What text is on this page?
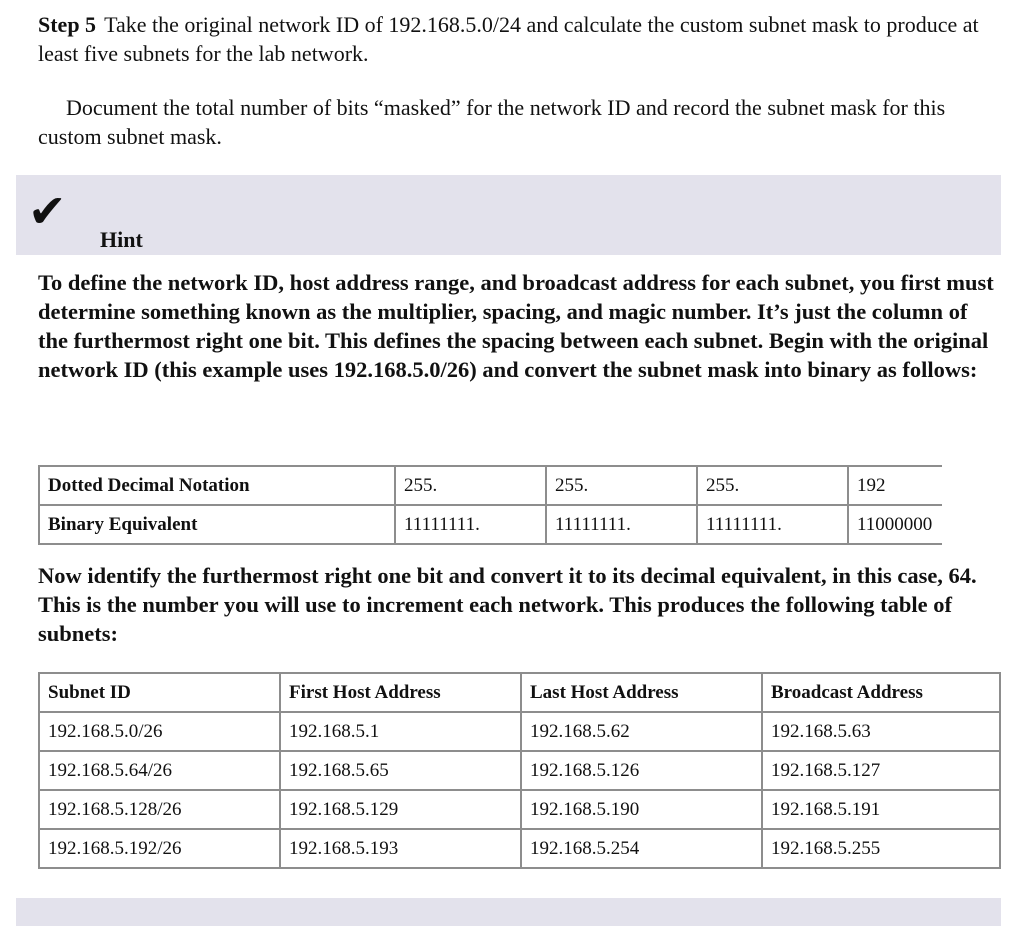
Step 5 Take the original network ID of 192.168.5.0/24 and calculate the custom subnet mask to produce at least five subnets for the lab network.

Document the total number of bits “masked” for the network ID and record the subnet mask for this custom subnet mask.

✔
Hint

To define the network ID, host address range, and broadcast address for each subnet, you first must determine something known as the multiplier, spacing, and magic number. It’s just the column of the furthermost right one bit. This defines the spacing between each subnet. Begin with the original network ID (this example uses 192.168.5.0/26) and convert the subnet mask into binary as follows:

Dotted Decimal Notation	255.	255.	255.	192
Binary Equivalent	11111111.	11111111.	11111111.	11000000

Now identify the furthermost right one bit and convert it to its decimal equivalent, in this case, 64. This is the number you will use to increment each network. This produces the following table of subnets:

Subnet ID	First Host Address	Last Host Address	Broadcast Address
192.168.5.0/26	192.168.5.1	192.168.5.62	192.168.5.63
192.168.5.64/26	192.168.5.65	192.168.5.126	192.168.5.127
192.168.5.128/26	192.168.5.129	192.168.5.190	192.168.5.191
192.168.5.192/26	192.168.5.193	192.168.5.254	192.168.5.255
